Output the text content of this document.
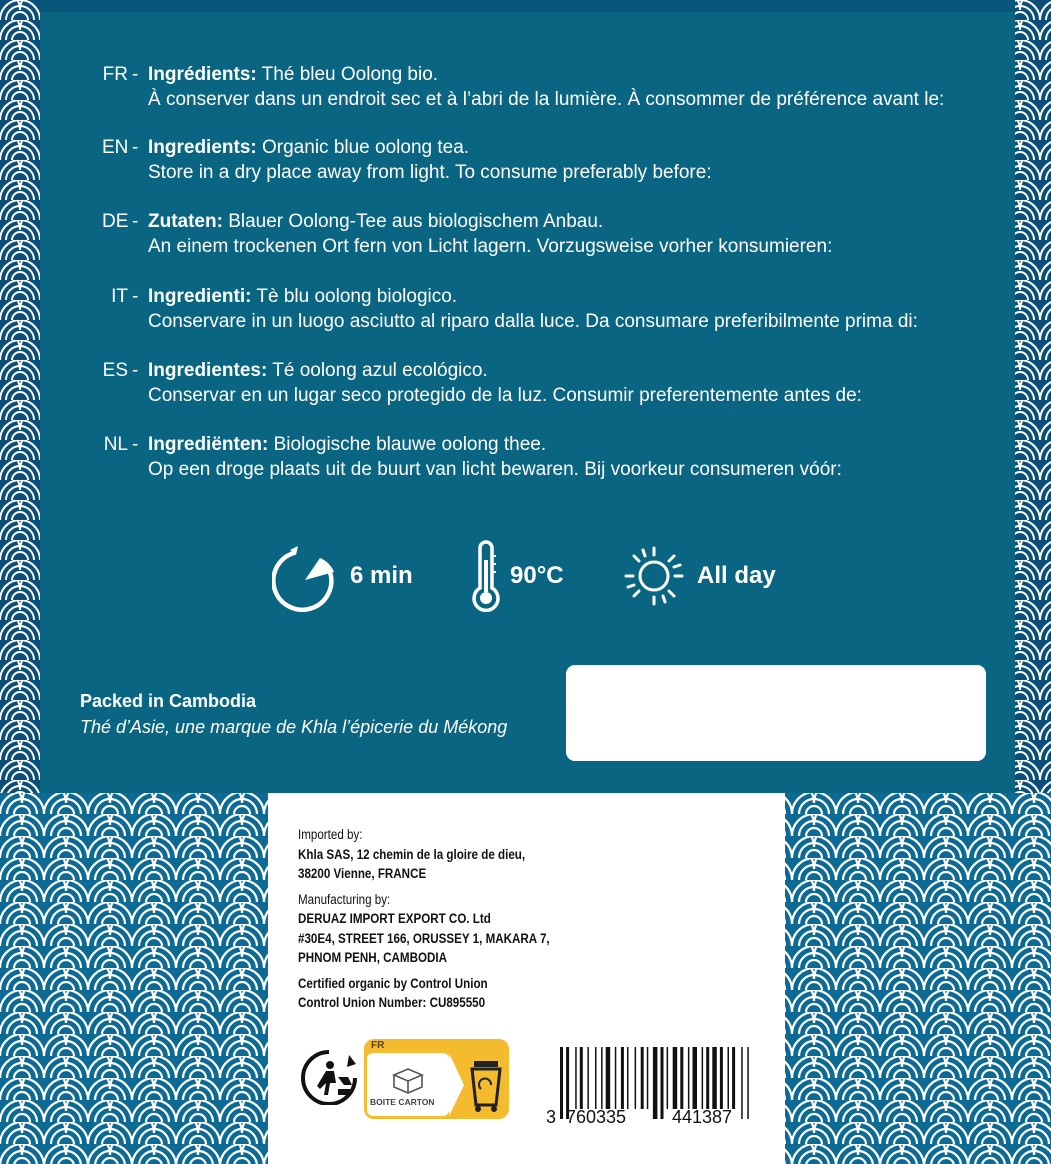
FR - Ingrédients: Thé bleu Oolong bio.
À conserver dans un endroit sec et à l’abri de la lumière. À consommer de préférence avant le:
EN - Ingredients: Organic blue oolong tea.
Store in a dry place away from light. To consume preferably before:
DE - Zutaten: Blauer Oolong-Tee aus biologischem Anbau.
An einem trockenen Ort fern von Licht lagern. Vorzugsweise vorher konsumieren:
IT - Ingredienti: Tè blu oolong biologico.
Conservare in un luogo asciutto al riparo dalla luce. Da consumare preferibilmente prima di:
ES - Ingredientes: Té oolong azul ecológico.
Conservar en un lugar seco protegido de la luz. Consumir preferentemente antes de:
NL - Ingrediënten: Biologische blauwe oolong thee.
Op een droge plaats uit de buurt van licht bewaren. Bij voorkeur consumeren vóór:
6 min	90°C	All day
Packed in Cambodia
Thé d’Asie, une marque de Khla l’épicerie du Mékong
Imported by:
Khla SAS, 12 chemin de la gloire de dieu,
38200 Vienne, FRANCE
Manufacturing by:
DERUAZ IMPORT EXPORT CO. Ltd
#30E4, STREET 166, ORUSSEY 1, MAKARA 7,
PHNOM PENH, CAMBODIA
Certified organic by Control Union
Control Union Number: CU895550
FR
BOITE CARTON
3 760335	441387
